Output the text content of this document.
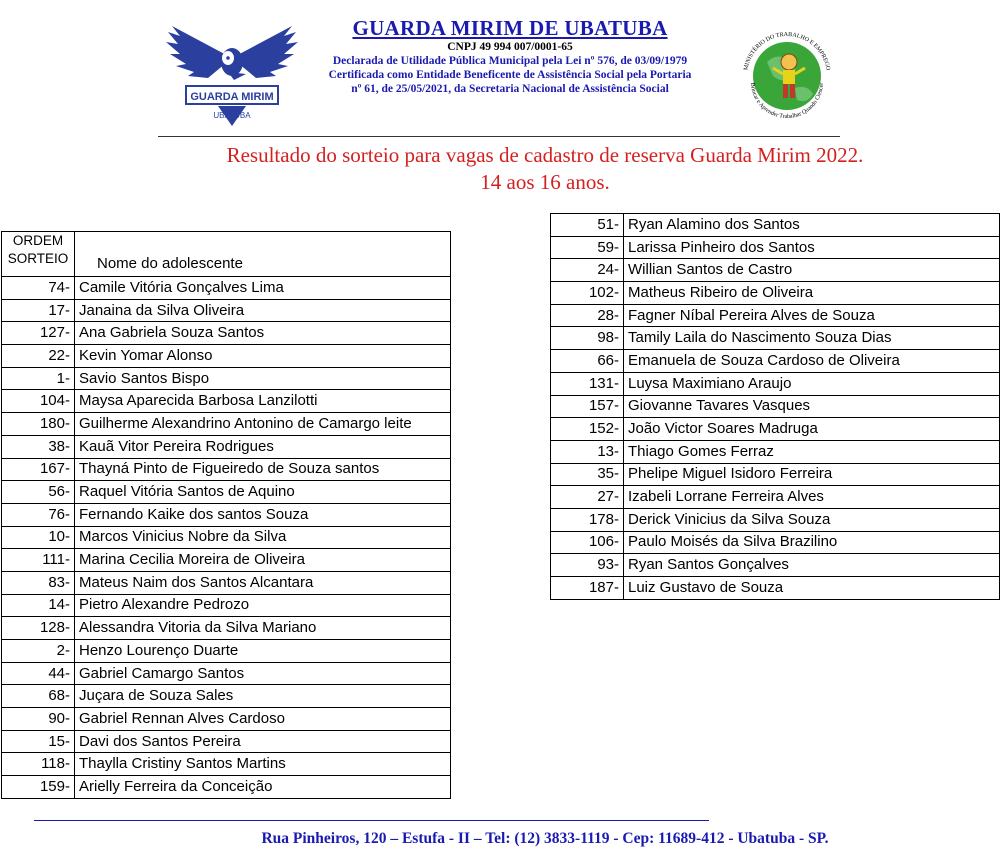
GUARDA MIRIM
UBATUBA
GUARDA MIRIM DE UBATUBA
CNPJ 49 994 007/0001-65
Declarada de Utilidade Pública Municipal pela Lei nº 576, de 03/09/1979
Certificada como Entidade Beneficente de Assistência Social pela Portaria
nº 61, de 25/05/2021, da Secretaria Nacional de Assistência Social
MINISTÉRIO DO TRABALHO E EMPREGO
Brincar e Aprender Trabalhar Quando Crescer
Resultado do sorteio para vagas de cadastro de reserva Guarda Mirim 2022.
14 aos 16 anos.
ORDEM
SORTEIO	Nome do adolescente
74-	Camile Vitória Gonçalves Lima
17-	Janaina da Silva Oliveira
127-	Ana Gabriela Souza Santos
22-	Kevin Yomar Alonso
1-	Savio Santos Bispo
104-	Maysa Aparecida Barbosa Lanzilotti
180-	Guilherme Alexandrino Antonino de Camargo leite
38-	Kauã Vitor Pereira Rodrigues
167-	Thayná Pinto de Figueiredo de Souza santos
56-	Raquel Vitória Santos de Aquino
76-	Fernando Kaike dos santos Souza
10-	Marcos Vinicius Nobre da Silva
111-	Marina Cecilia Moreira de Oliveira
83-	Mateus Naim dos Santos Alcantara
14-	Pietro Alexandre Pedrozo
128-	Alessandra Vitoria da Silva Mariano
2-	Henzo Lourenço Duarte
44-	Gabriel Camargo Santos
68-	Juçara de Souza Sales
90-	Gabriel Rennan Alves Cardoso
15-	Davi dos Santos Pereira
118-	Thaylla Cristiny Santos Martins
159-	Arielly Ferreira da Conceição
51-	Ryan Alamino dos Santos
59-	Larissa Pinheiro dos Santos
24-	Willian Santos de Castro
102-	Matheus Ribeiro de Oliveira
28-	Fagner Níbal Pereira Alves de Souza
98-	Tamily Laila do Nascimento Souza Dias
66-	Emanuela de Souza Cardoso de Oliveira
131-	Luysa Maximiano Araujo
157-	Giovanne Tavares Vasques
152-	João Victor Soares Madruga
13-	Thiago Gomes Ferraz
35-	Phelipe Miguel Isidoro Ferreira
27-	Izabeli Lorrane Ferreira Alves
178-	Derick Vinicius da Silva Souza
106-	Paulo Moisés da Silva Brazilino
93-	Ryan Santos Gonçalves
187-	Luiz Gustavo de Souza
Rua Pinheiros, 120 – Estufa - II – Tel: (12) 3833-1119 - Cep: 11689-412 - Ubatuba - SP.
